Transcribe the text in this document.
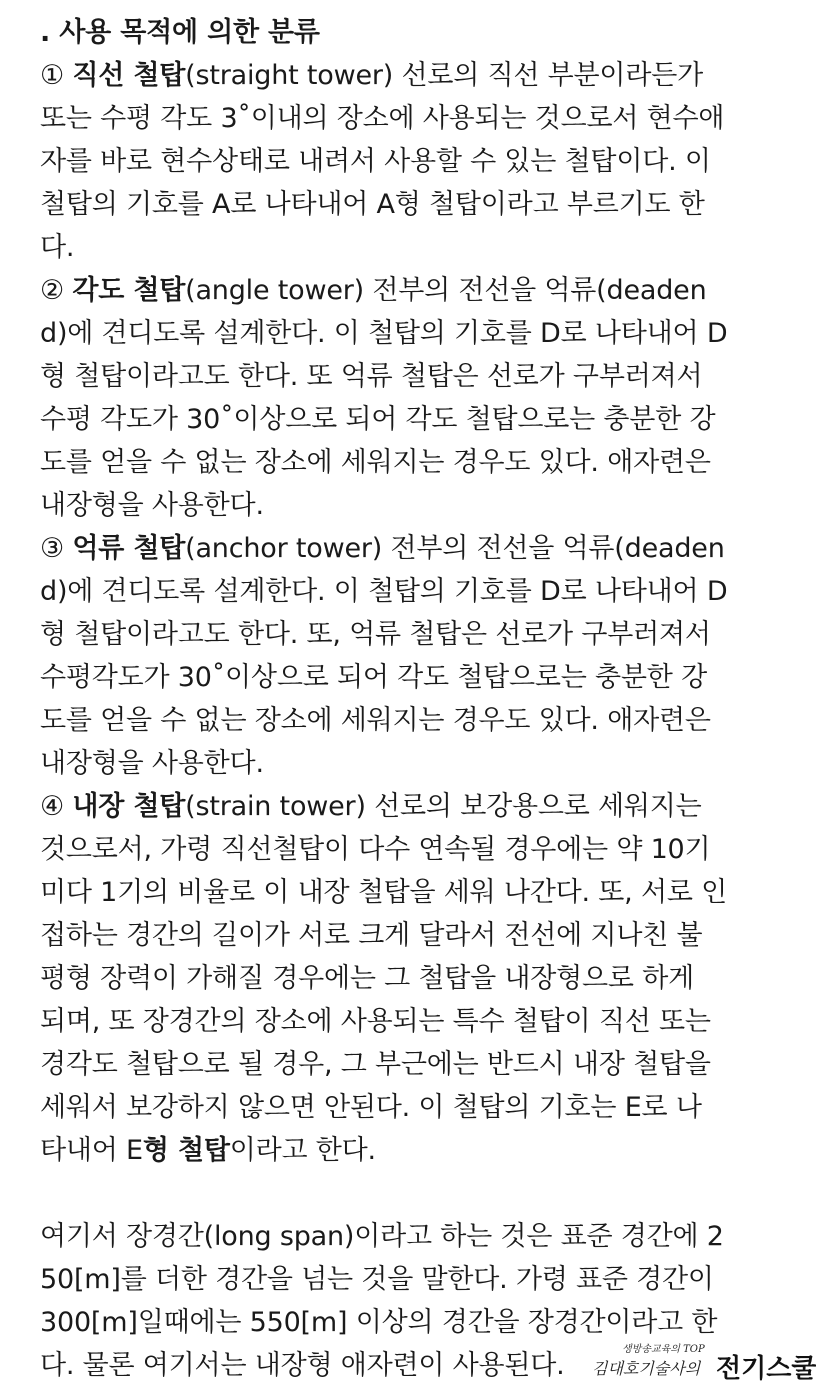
. 사용 목적에 의한 분류
① 직선 철탑(straight tower) 선로의 직선 부분이라든가
또는 수평 각도 3˚이내의 장소에 사용되는 것으로서 현수애
자를 바로 현수상태로 내려서 사용할 수 있는 철탑이다. 이
철탑의 기호를 A로 나타내어 A형 철탑이라고 부르기도 한
다.
② 각도 철탑(angle tower) 전부의 전선을 억류(deaden
d)에 견디도록 설계한다. 이 철탑의 기호를 D로 나타내어 D
형 철탑이라고도 한다. 또 억류 철탑은 선로가 구부러져서
수평 각도가 30˚이상으로 되어 각도 철탑으로는 충분한 강
도를 얻을 수 없는 장소에 세워지는 경우도 있다. 애자련은
내장형을 사용한다.
③ 억류 철탑(anchor tower) 전부의 전선을 억류(deaden
d)에 견디도록 설계한다. 이 철탑의 기호를 D로 나타내어 D
형 철탑이라고도 한다. 또, 억류 철탑은 선로가 구부러져서
수평각도가 30˚이상으로 되어 각도 철탑으로는 충분한 강
도를 얻을 수 없는 장소에 세워지는 경우도 있다. 애자련은
내장형을 사용한다.
④ 내장 철탑(strain tower) 선로의 보강용으로 세워지는
것으로서, 가령 직선철탑이 다수 연속될 경우에는 약 10기
미다 1기의 비율로 이 내장 철탑을 세워 나간다. 또, 서로 인
접하는 경간의 길이가 서로 크게 달라서 전선에 지나친 불
평형 장력이 가해질 경우에는 그 철탑을 내장형으로 하게
되며, 또 장경간의 장소에 사용되는 특수 철탑이 직선 또는
경각도 철탑으로 될 경우, 그 부근에는 반드시 내장 철탑을
세워서 보강하지 않으면 안된다. 이 철탑의 기호는 E로 나
타내어 E형 철탑이라고 한다.
여기서 장경간(long span)이라고 하는 것은 표준 경간에 2
50[m]를 더한 경간을 넘는 것을 말한다. 가령 표준 경간이
300[m]일때에는 550[m] 이상의 경간을 장경간이라고 한
다. 물론 여기서는 내장형 애자련이 사용된다.
생방송교육의 TOP
김대호기술사의 전기스쿨
